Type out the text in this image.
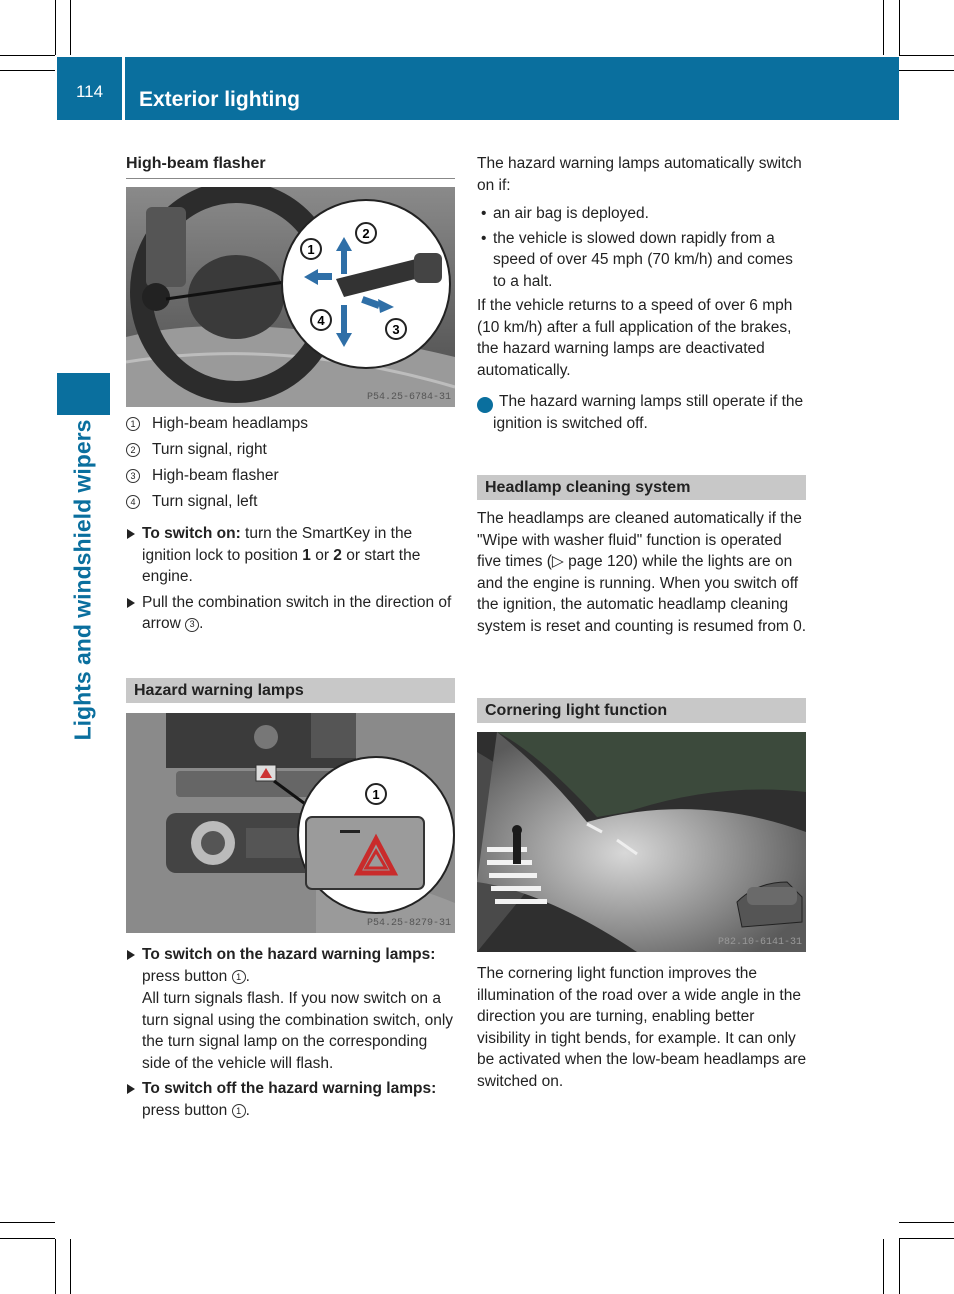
114	Exterior lighting
Lights and windshield wipers

High-beam flasher

1
2
3
4
P54.25-6784-31
1 High-beam headlamps
2 Turn signal, right
3 High-beam flasher
4 Turn signal, left
To switch on: turn the SmartKey in the ignition lock to position 1 or 2 or start the engine.
Pull the combination switch in the direction of arrow 3 .
Hazard warning lamps
1
P54.25-8279-31
To switch on the hazard warning lamps: press button 1 .
All turn signals flash. If you now switch on a turn signal using the combination switch, only the turn signal lamp on the corresponding side of the vehicle will flash.
To switch off the hazard warning lamps: press button 1 .

The hazard warning lamps automatically switch on if:

• an air bag is deployed.
• the vehicle is slowed down rapidly from a speed of over 45 mph (70 km/h) and comes to a halt.

If the vehicle returns to a speed of over 6 mph (10 km/h) after a full application of the brakes, the hazard warning lamps are deactivated automatically.

i The hazard warning lamps still operate if the ignition is switched off.
Headlamp cleaning system

The headlamps are cleaned automatically if the "Wipe with washer fluid" function is operated five times (▷ page 120) while the lights are on and the engine is running. When you switch off the ignition, the automatic headlamp cleaning system is reset and counting is resumed from 0.

Cornering light function
P82.10-6141-31

The cornering light function improves the illumination of the road over a wide angle in the direction you are turning, enabling better visibility in tight bends, for example. It can only be activated when the low-beam headlamps are switched on.
